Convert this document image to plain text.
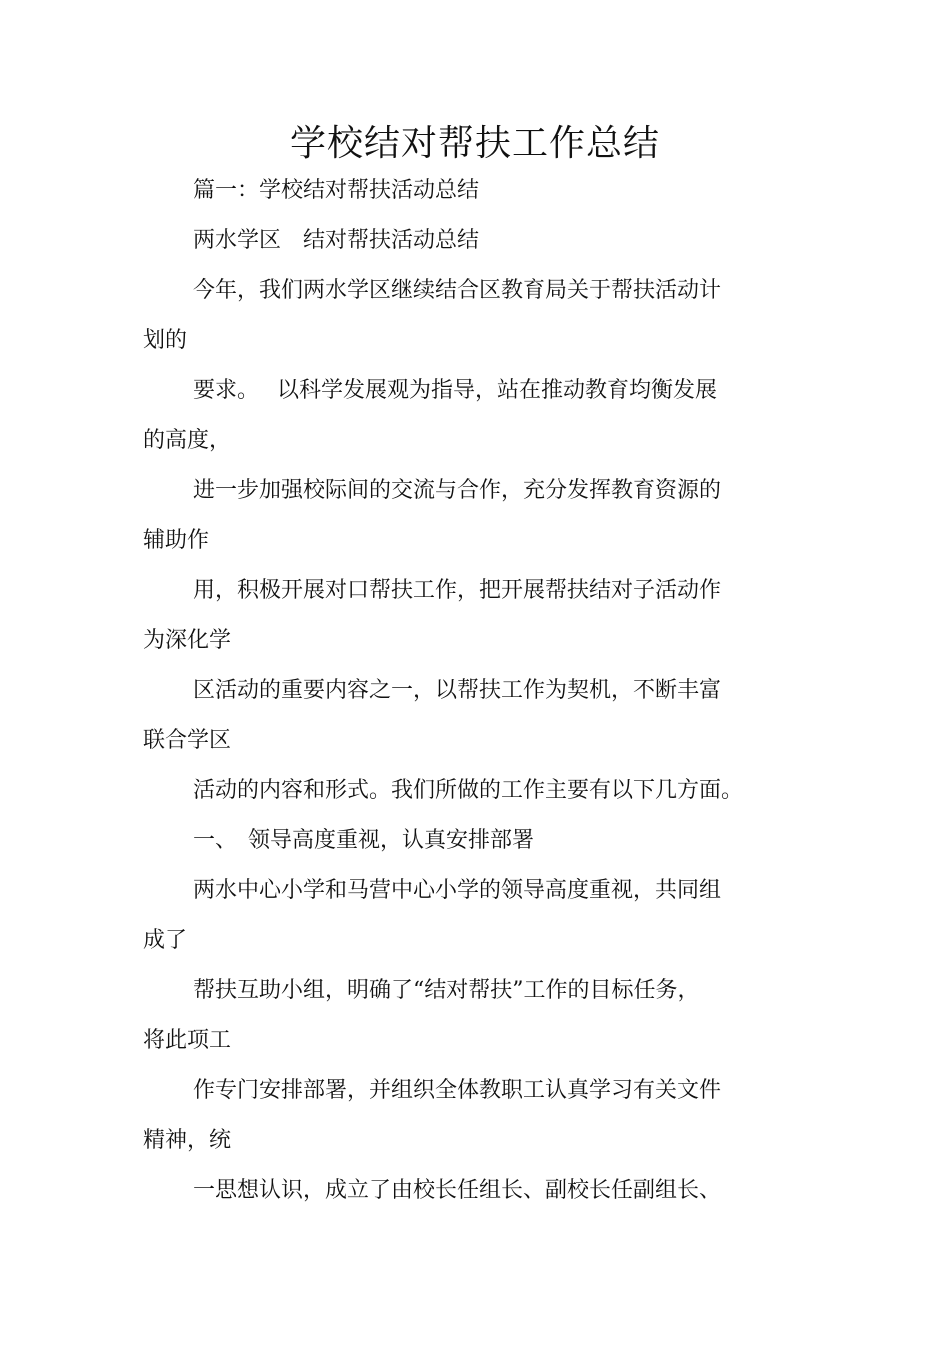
学校结对帮扶工作总结
篇一：学校结对帮扶活动总结
两水学区　结对帮扶活动总结
今年，我们两水学区继续结合区教育局关于帮扶活动计
划的
要求。　 以科学发展观为指导，站在推动教育均衡发展
的高度，
进一步加强校际间的交流与合作，充分发挥教育资源的
辅助作
用，积极开展对口帮扶工作，把开展帮扶结对子活动作
为深化学
区活动的重要内容之一，以帮扶工作为契机，不断丰富
联合学区
活动的内容和形式。我们所做的工作主要有以下几方面。
一、　领导高度重视，认真安排部署
两水中心小学和马营中心小学的领导高度重视，共同组
成了
帮扶互助小组，明确了“结对帮扶”工作的目标任务，
将此项工
作专门安排部署，并组织全体教职工认真学习有关文件
精神，统
一思想认识，成立了由校长任组长、副校长任副组长、
